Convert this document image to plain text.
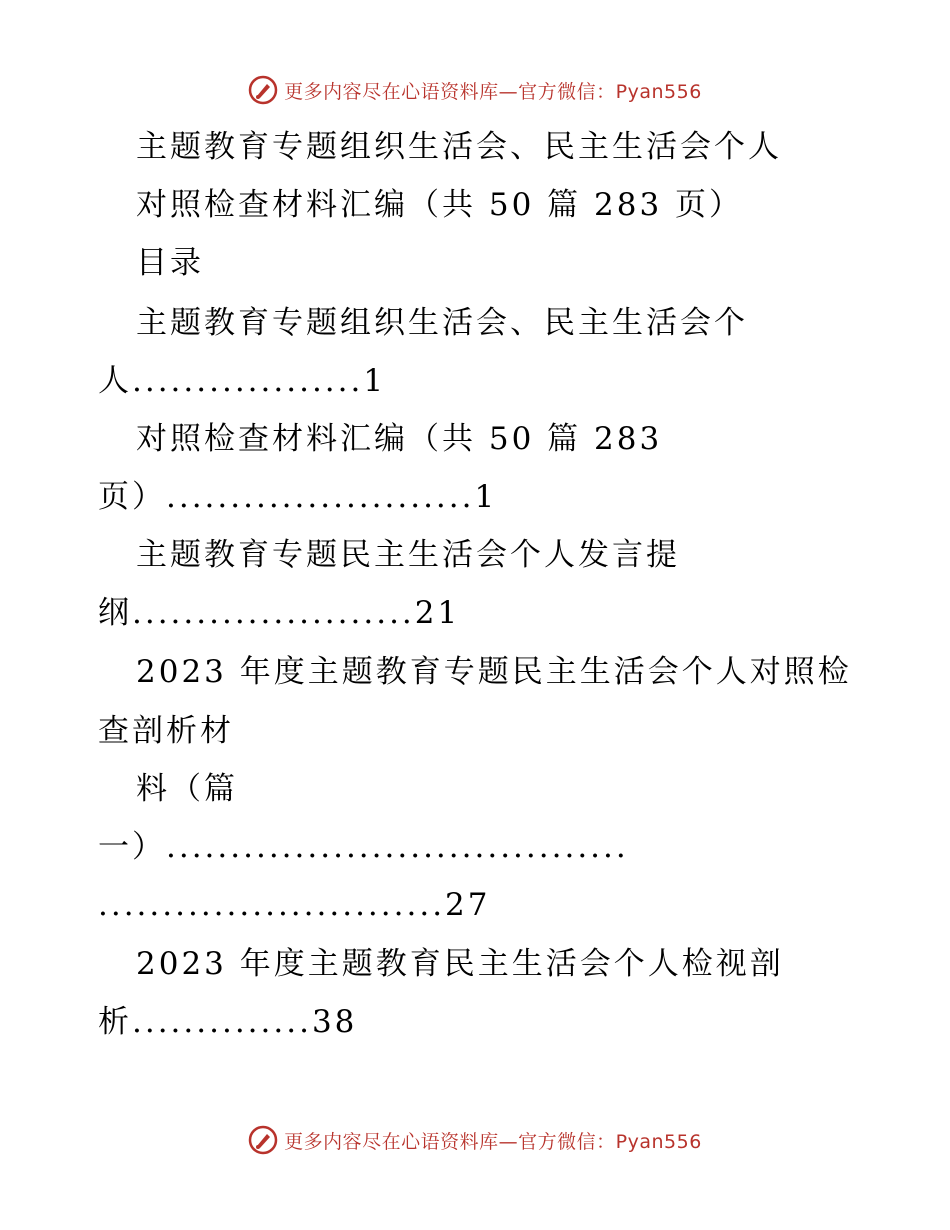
更多内容尽在心语资料库—官方微信：Pyan556
主题教育专题组织生活会、民主生活会个人
对照检查材料汇编（共 50 篇 283 页）
目录
主题教育专题组织生活会、民主生活会个
人..................1
对照检查材料汇编（共 50 篇 283
页）........................1
主题教育专题民主生活会个人发言提
纲......................21
2023 年度主题教育专题民主生活会个人对照检
查剖析材
料（篇
一）....................................
...........................27
2023 年度主题教育民主生活会个人检视剖
析..............38
更多内容尽在心语资料库—官方微信：Pyan556
